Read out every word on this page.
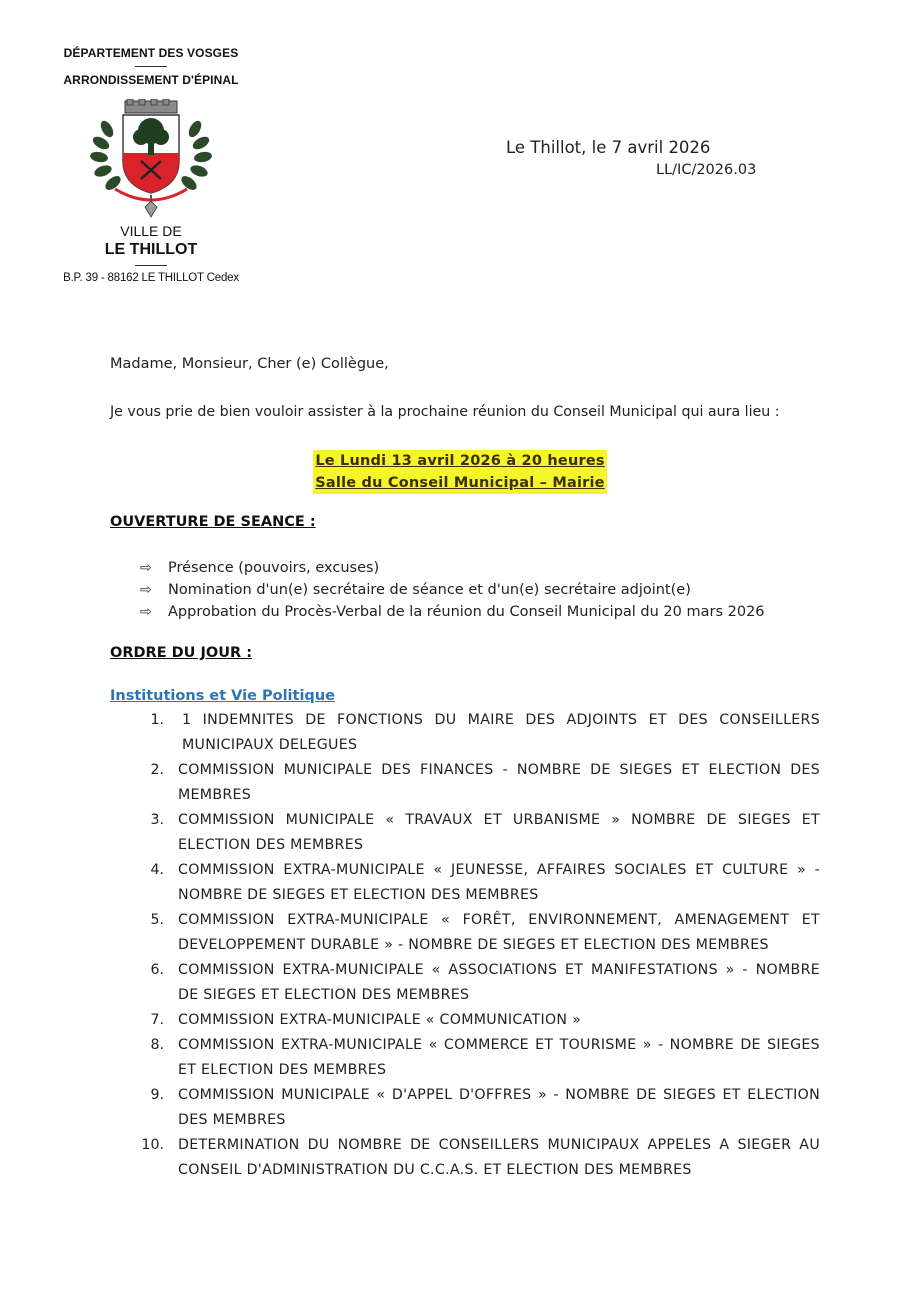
DÉPARTEMENT DES VOSGES
ARRONDISSEMENT D'ÉPINAL
VILLE DE
LE THILLOT
B.P. 39 - 88162 LE THILLOT Cedex
Le Thillot, le 7 avril 2026
LL/IC/2026.03
Madame, Monsieur, Cher (e) Collègue,
Je vous prie de bien vouloir assister à la prochaine réunion du Conseil Municipal qui aura lieu :
Le Lundi 13 avril 2026 à 20 heures
Salle du Conseil Municipal – Mairie
OUVERTURE DE SEANCE :
⇨ Présence (pouvoirs, excuses)
⇨ Nomination d'un(e) secrétaire de séance et d'un(e) secrétaire adjoint(e)
⇨ Approbation du Procès-Verbal de la réunion du Conseil Municipal du 20 mars 2026
ORDRE DU JOUR :
Institutions et Vie Politique
1.	1 INDEMNITES DE FONCTIONS DU MAIRE DES ADJOINTS ET DES CONSEILLERS MUNICIPAUX DELEGUES
2. COMMISSION MUNICIPALE DES FINANCES - NOMBRE DE SIEGES ET ELECTION DES MEMBRES
3. COMMISSION MUNICIPALE « TRAVAUX ET URBANISME » NOMBRE DE SIEGES ET ELECTION DES MEMBRES
4. COMMISSION EXTRA-MUNICIPALE « JEUNESSE, AFFAIRES SOCIALES ET CULTURE » - NOMBRE DE SIEGES ET ELECTION DES MEMBRES
5. COMMISSION EXTRA-MUNICIPALE « FORÊT, ENVIRONNEMENT, AMENAGEMENT ET DEVELOPPEMENT DURABLE » - NOMBRE DE SIEGES ET ELECTION DES MEMBRES
6. COMMISSION EXTRA-MUNICIPALE « ASSOCIATIONS ET MANIFESTATIONS » - NOMBRE DE SIEGES ET ELECTION DES MEMBRES
7. COMMISSION EXTRA-MUNICIPALE « COMMUNICATION »
8. COMMISSION EXTRA-MUNICIPALE « COMMERCE ET TOURISME » - NOMBRE DE SIEGES ET ELECTION DES MEMBRES
9. COMMISSION MUNICIPALE « D'APPEL D'OFFRES » - NOMBRE DE SIEGES ET ELECTION DES MEMBRES
10. DETERMINATION DU NOMBRE DE CONSEILLERS MUNICIPAUX APPELES A SIEGER AU CONSEIL D'ADMINISTRATION DU C.C.A.S. ET ELECTION DES MEMBRES
